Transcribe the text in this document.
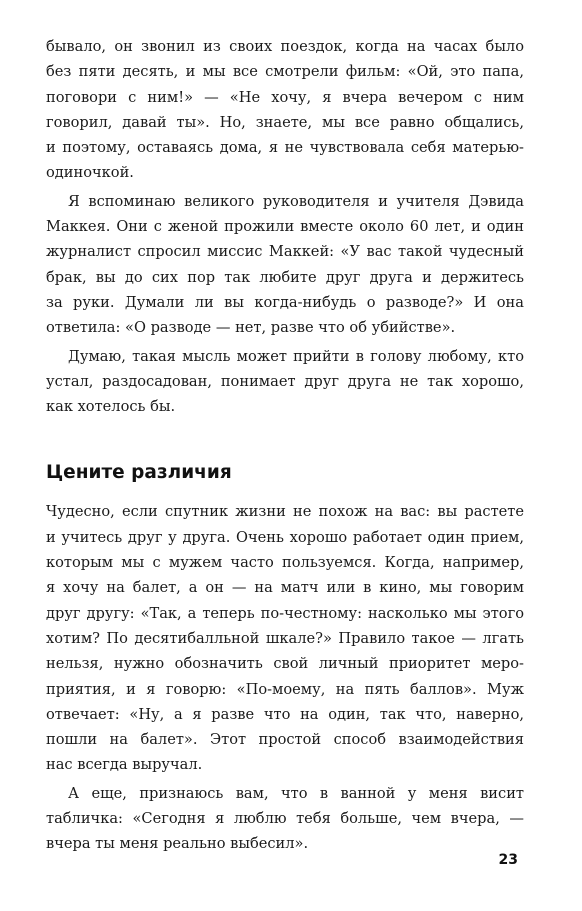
бывало, он звонил из своих поездок, когда на часах было
без пяти десять, и мы все смотрели фильм: «Ой, это папа,
поговори с ним!» — «Не хочу, я вчера вечером с ним
говорил, давай ты». Но, знаете, мы все равно общались,
и поэтому, оставаясь дома, я не чувствовала себя матерью-
одиночкой.
Я вспоминаю великого руководителя и учителя Дэвида
Маккея. Они с женой прожили вместе около 60 лет, и один
журналист спросил миссис Маккей: «У вас такой чудесный
брак, вы до сих пор так любите друг друга и держитесь
за руки. Думали ли вы когда-нибудь о разводе?» И она
ответила: «О разводе — нет, разве что об убийстве».
Думаю, такая мысль может прийти в голову любому, кто
устал, раздосадован, понимает друг друга не так хорошо,
как хотелось бы.
Цените различия
Чудесно, если спутник жизни не похож на вас: вы растете
и учитесь друг у друга. Очень хорошо работает один прием,
которым мы с мужем часто пользуемся. Когда, например,
я хочу на балет, а он — на матч или в кино, мы говорим
друг другу: «Так, а теперь по-честному: насколько мы этого
хотим? По десятибалльной шкале?» Правило такое — лгать
нельзя, нужно обозначить свой личный приоритет меро-
приятия, и я говорю: «По-моему, на пять баллов». Муж
отвечает: «Ну, а я разве что на один, так что, наверно,
пошли на балет». Этот простой способ взаимодействия
нас всегда выручал.
А еще, признаюсь вам, что в ванной у меня висит
табличка: «Сегодня я люблю тебя больше, чем вчера, —
вчера ты меня реально выбесил».
23
